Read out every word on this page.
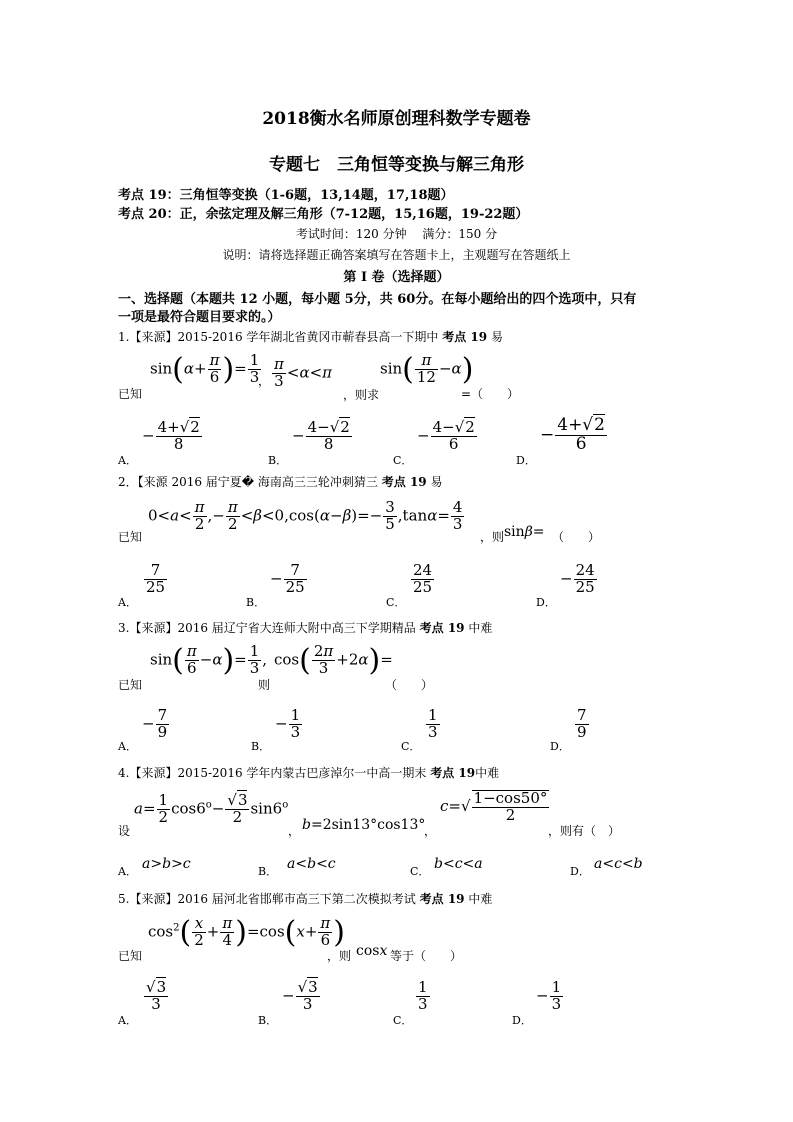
2018衡水名师原创理科数学专题卷
专题七　三角恒等变换与解三角形
考点 19：三角恒等变换（1-6题，13,14题，17,18题）
考点 20：正，余弦定理及解三角形（7-12题，15,16题，19-22题）
考试时间：120 分钟　 满分：150 分
说明：请将选择题正确答案填写在答题卡上，主观题写在答题纸上
第 I 卷（选择题）
一、选择题（本题共 12 小题，每小题 5分，共 60分。在每小题给出的四个选项中，只有
一项是最符合题目要求的。）
1.【来源】2015-2016 学年湖北省黄冈市蕲春县高一下期中 考点 19 易
已知
$\sin(\alpha+ \frac{\pi}{6}$ )= $\frac{1}{3}$
， $\frac{\pi}{3} <\alpha<\pi$
，则求
$\sin( \frac{\pi}{12} -\alpha)$
=（　　）
A．
− $\frac{4+√2}{8}$
B．
− $\frac{4-√2}{8}$
C．
− $\frac{4-√2}{6}$
D．
− $\frac{4+√2}{6}$
2．【来源 2016 届宁夏� 海南高三三轮冲刺猜三 考点 19 易
已知
$0<a< \frac{\pi}{2}$ ,− $\frac{\pi}{2} <\beta<0,\cos(\alpha-\beta)=- \frac{3}{5} ,\tan\alpha= \frac{4}{3}$
，则 sinβ= （　　）
A．
$\frac{7}{25}$
B．
− $\frac{7}{25}$
C．
$\frac{24}{25}$
D．
− $\frac{24}{25}$
3.【来源】2016 届辽宁省大连师大附中高三下学期精品 考点 19 中难
已知
$\sin( \frac{\pi}{6} -\alpha)= \frac{1}{3}$ ,
则
$\cos( \frac{2\pi}{3} +2\alpha)=$
（　　）
A．
− $\frac{7}{9}$
B．
− $\frac{1}{3}$
C．
$\frac{1}{3}$
D．
$\frac{7}{9}$
4.【来源】2015-2016 学年内蒙古巴彦淖尔一中高一期末 考点 19中难
设
$a= \frac{1}{2} \cos 6^o- \frac{√3}{2} \sin 6^o$
， b=2sin13°cos13°
，
$c=√ \frac{1-\cos 50^\circ}{2}$
，则有（　）
A． a>b>c	B． a<b<c	C． b<c<a	D． a<c<b
5.【来源】2016 届河北省邯郸市高三下第二次模拟考试 考点 19 中难
已知
$\cos^2( \frac{x}{2} + \frac{\pi}{4} )=\cos(x+ \frac{\pi}{6}$ )
，则 cosx 等于（　　）
A．
$\frac{√3}{3}$
B．
− $\frac{√3}{3}$
C．
$\frac{1}{3}$
D．
− $\frac{1}{3}$
